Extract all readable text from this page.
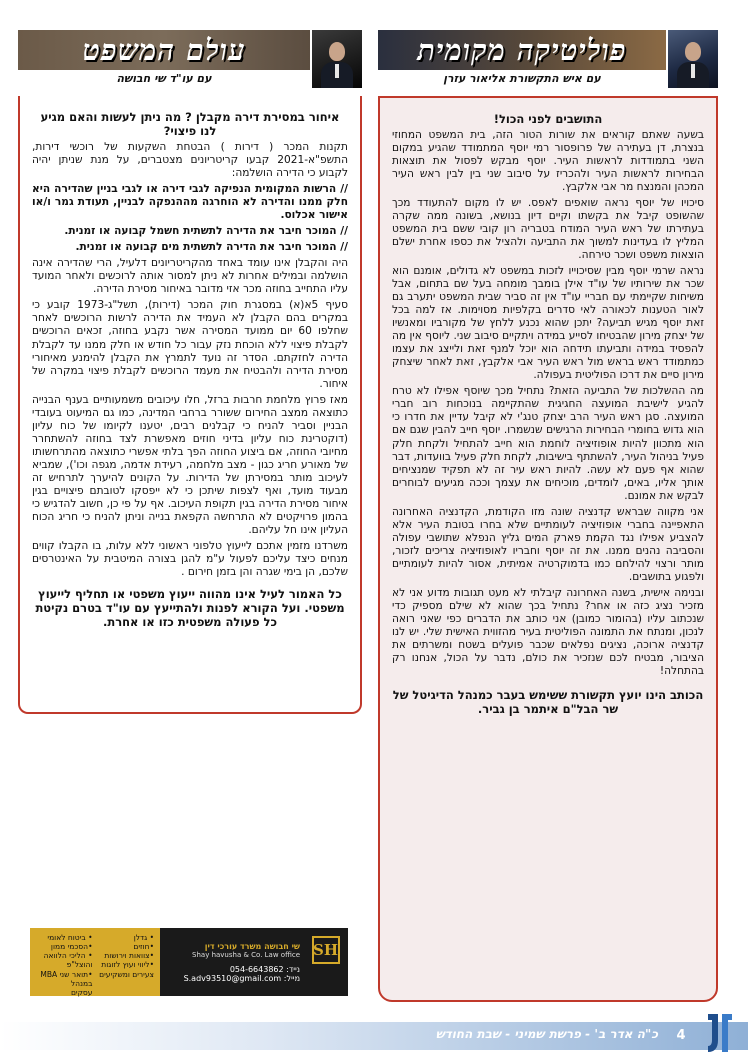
פוליטיקה מקומית
עם איש התקשורת אליאור עזרן

התושבים לפני הכול!

בשעה שאתם קוראים את שורות הטור הזה, בית המשפט המחוזי בנצרת, דן בעתירה של פרופסור רמי יוסף המתמודד שהגיע במקום השני בתמודדות לראשות העיר. יוסף מבקש לפסול את תוצאות הבחירות לראשות העיר ולהכריז על סיבוב שני בין לבין ראש העיר המכהן והמנצח מר אבי אלקבץ.

סיכויו של יוסף נראה שואפים לאפס. יש לו מקום להתעודד מכך שהשופט קיבל את בקשתו וקיים דיון בנושא, בשונה ממה שקרה בעתירתו של ראש העיר המודח בטבריה רון קובי ששם בית המשפט המליץ לו בעדינות למשוך את התביעה ולהציל את כספו אחרת ישלם הוצאות משפט ושכר טירחה.

נראה שרמי יוסף מבין שסיכוייו לזכות במשפט לא גדולים, אומנם הוא שכר את שירותיו של עו"ד אילן בומבך מומחה בעל שם בתחום, אבל משיחות שקיימתי עם חבריי עו"ד אין זה סביר שבית המשפט יתערב גם לאור הטענות לכאורה לאי סדרים בקלפיות מסוימות. אז למה בכל זאת יוסף מגיש תביעה? יתכן שהוא נכנע ללחץ של מקורביו ומאנשיו של יצחק מירון שהבטיחו לסייע במידה ויתקיים סיבוב שני. ליוסף אין מה להפסיד במידה ותביעתו תידחה הוא יוכל למנף זאת ולייצג את עצמו כמתמודד ראש בראש מול ראש העיר אבי אלקבץ, זאת לאחר שיצחק מירון סיים את דרכו הפוליטית בעפולה.

מה ההשלכות של התביעה הזאת? נתחיל מכך שיוסף אפילו לא טרח להגיע לישיבת המועצה החגיגית שהתקיימה בנוכחות רוב חברי המועצה. סגן ראש העיר הרב יצחק טנג'י לא קיבל עדיין את חדרו כי הוא גדוש בחומרי הבחירות הרגישים שנשמרו. יוסף חייב להבין שגם אם הוא מתכוון להיות אופוזיציה לוחמת הוא חייב להתחיל ולקחת חלק פעיל בניהול העיר, להשתתף בישיבות, לקחת חלק פעיל בוועדות, דבר שהוא אף פעם לא עשה. להיות ראש עיר זה לא תפקיד שמנציחים אותך אליו, באים, לומדים, מוכיחים את עצמך וככה מגיעים לבוחרים לבקש את אמונם.

אני מקווה שבראש קדנציה שונה מזו הקודמת, הקדנציה האחרונה התאפיינה בחברי אופוזיציה לעומתיים שלא בחרו בטובת העיר אלא להצביע אפילו נגד הקמת פארק המים גליץ הנפלא שתושבי עפולה והסביבה נהנים ממנו. את זה יוסף וחבריו לאופוזיציה צריכים לזכור, מותר ורצוי להילחם כמו בדמוקרטיה אמיתית, אסור להיות לעומתיים ולפגוע בתושבים.

ובנימה אישית, בשנה האחרונה קיבלתי לא מעט תגובות מדוע אני לא מזכיר נציג כזה או אחר? נתחיל בכך שהוא לא שילם מספיק כדי שנכתוב עליו (בהומור כמובן) אני כותב את הדברים כפי שאני רואה לנכון, ומנתח את התמונה הפוליטית בעיר מהזווית האישית שלי. יש לנו קדנציה ארוכה, נציגים נפלאים שכבר פועלים בשטח ומשרתים את הציבור, מבטיח לכם שנזכיר את כולם, נדבר על הכול, אנחנו רק בהתחלה!

הכותב הינו יועץ תקשורת ששימש בעבר כמנהל הדיגיטל של שר הבל"ם איתמר בן גביר.

עולם המשפט
עם עו"ד שי חבושה

איחור במסירת דירה מקבלן ? מה ניתן לעשות והאם מגיע לנו פיצוי?

תקנות המכר ( דירות ) הבטחת השקעות של רוכשי דירות, התשפ"א-2021 קבעו קריטריונים מצטברים, על מנת שניתן יהיה לקבוע כי הדירה הושלמה:

// הרשות המקומית הנפיקה לגבי דירה או לגבי בניין שהדירה היא חלק ממנו והדירה לא הוחרגה מההנפקה לבניין, תעודת גמר ו/או אישור אכלוס.

// המוכר חיבר את הדירה לתשתית חשמל קבועה או זמנית.

// המוכר חיבר את הדירה לתשתית מים קבועה או זמנית.

היה והקבלן אינו עומד באחד מהקריטריונים דלעיל, הרי שהדירה אינה הושלמה ובמילים אחרות לא ניתן למסור אותה לרוכשים ולאחר המועד עליו התחייב בחוזה מכר אזי מדובר באיחור מסירת הדירה.

סעיף 5א(א) במסגרת חוק המכר (דירות), תשל"ג-1973 קובע כי במקרים בהם הקבלן לא העמיד את הדירה לרשות הרוכשים לאחר שחלפו 60 יום ממועד המסירה אשר נקבע בחוזה, זכאים הרוכשים לקבלת פיצוי ללא הוכחת נזק עבור כל חודש או חלק ממנו עד לקבלת הדירה לחזקתם. הסדר זה נועד לתמרץ את הקבלן להימנע מאיחורי מסירת הדירה ולהבטיח את מעמד הרוכשים לקבלת פיצוי במקרה של איחור.

מאז פרוץ מלחמת חרבות ברזל, חלו עיכובים משמעותיים בענף הבנייה כתוצאה ממצב החירום ששורר ברחבי המדינה, כמו גם המיעוט בעובדי הבניין וסביר להניח כי קבלנים רבים, יטענו לקיומו של כוח עליון (דוקטרינת כוח עליון בדיני חוזים מאפשרת לצד בחוזה להשתחרר מחיובי החוזה, אם ביצוע החוזה הפך בלתי אפשרי כתוצאה מהתרחשותו של מאורע חריג כגון - מצב מלחמה, רעידת אדמה, מגפה וכו'), שמביא לעיכוב מותר במסירתן של הדירות. על הקונים להיערך לתרחיש זה מבעוד מועד, ואף לצפות שיתכן כי לא ייפסקו לטובתם פיצויים בגין איחור מסירת הדירה בגין תקופת העיכוב. אף על פי כן, חשוב להדגיש כי בהמון פרויקטים לא התרחשה הקפאת בנייה וניתן להניח כי חריג הכוח העליון אינו חל עליהם.

משרדנו מזמין אתכם לייעוץ טלפוני ראשוני ללא עלות, בו הקבלו קווים מנחים כיצד עליכם לפעול ע"מ להגן בצורה המיטבית על האינטרסים שלכם, הן בימי שגרה והן בזמן חירום .

כל האמור לעיל אינו מהווה ייעוץ משפטי או תחליף לייעוץ משפטי. ועל הקורא לפנות ולהתייעץ עם עו"ד בטרם נקיטת כל פעולה משפטית כזו או אחרת.

SH
שי חבושה משרד עורכי דין
Shay havusha & Co. Law office
נייד: 054-6643862
מייל: S.adv93510@gmail.com
• גדלן
•חוזים
•צוואות וירושות
•ליווי ועוץ לזוגות
צעירים ומשקיעים
• ביטוח לאומי
•הסכמי ממון
• הליכי הלוואה
והוצל"פ
•תואר שני MBA במנהל
עסקים
כ"ה אדר ב' - פרשת שמיני - שבת החודש	4
